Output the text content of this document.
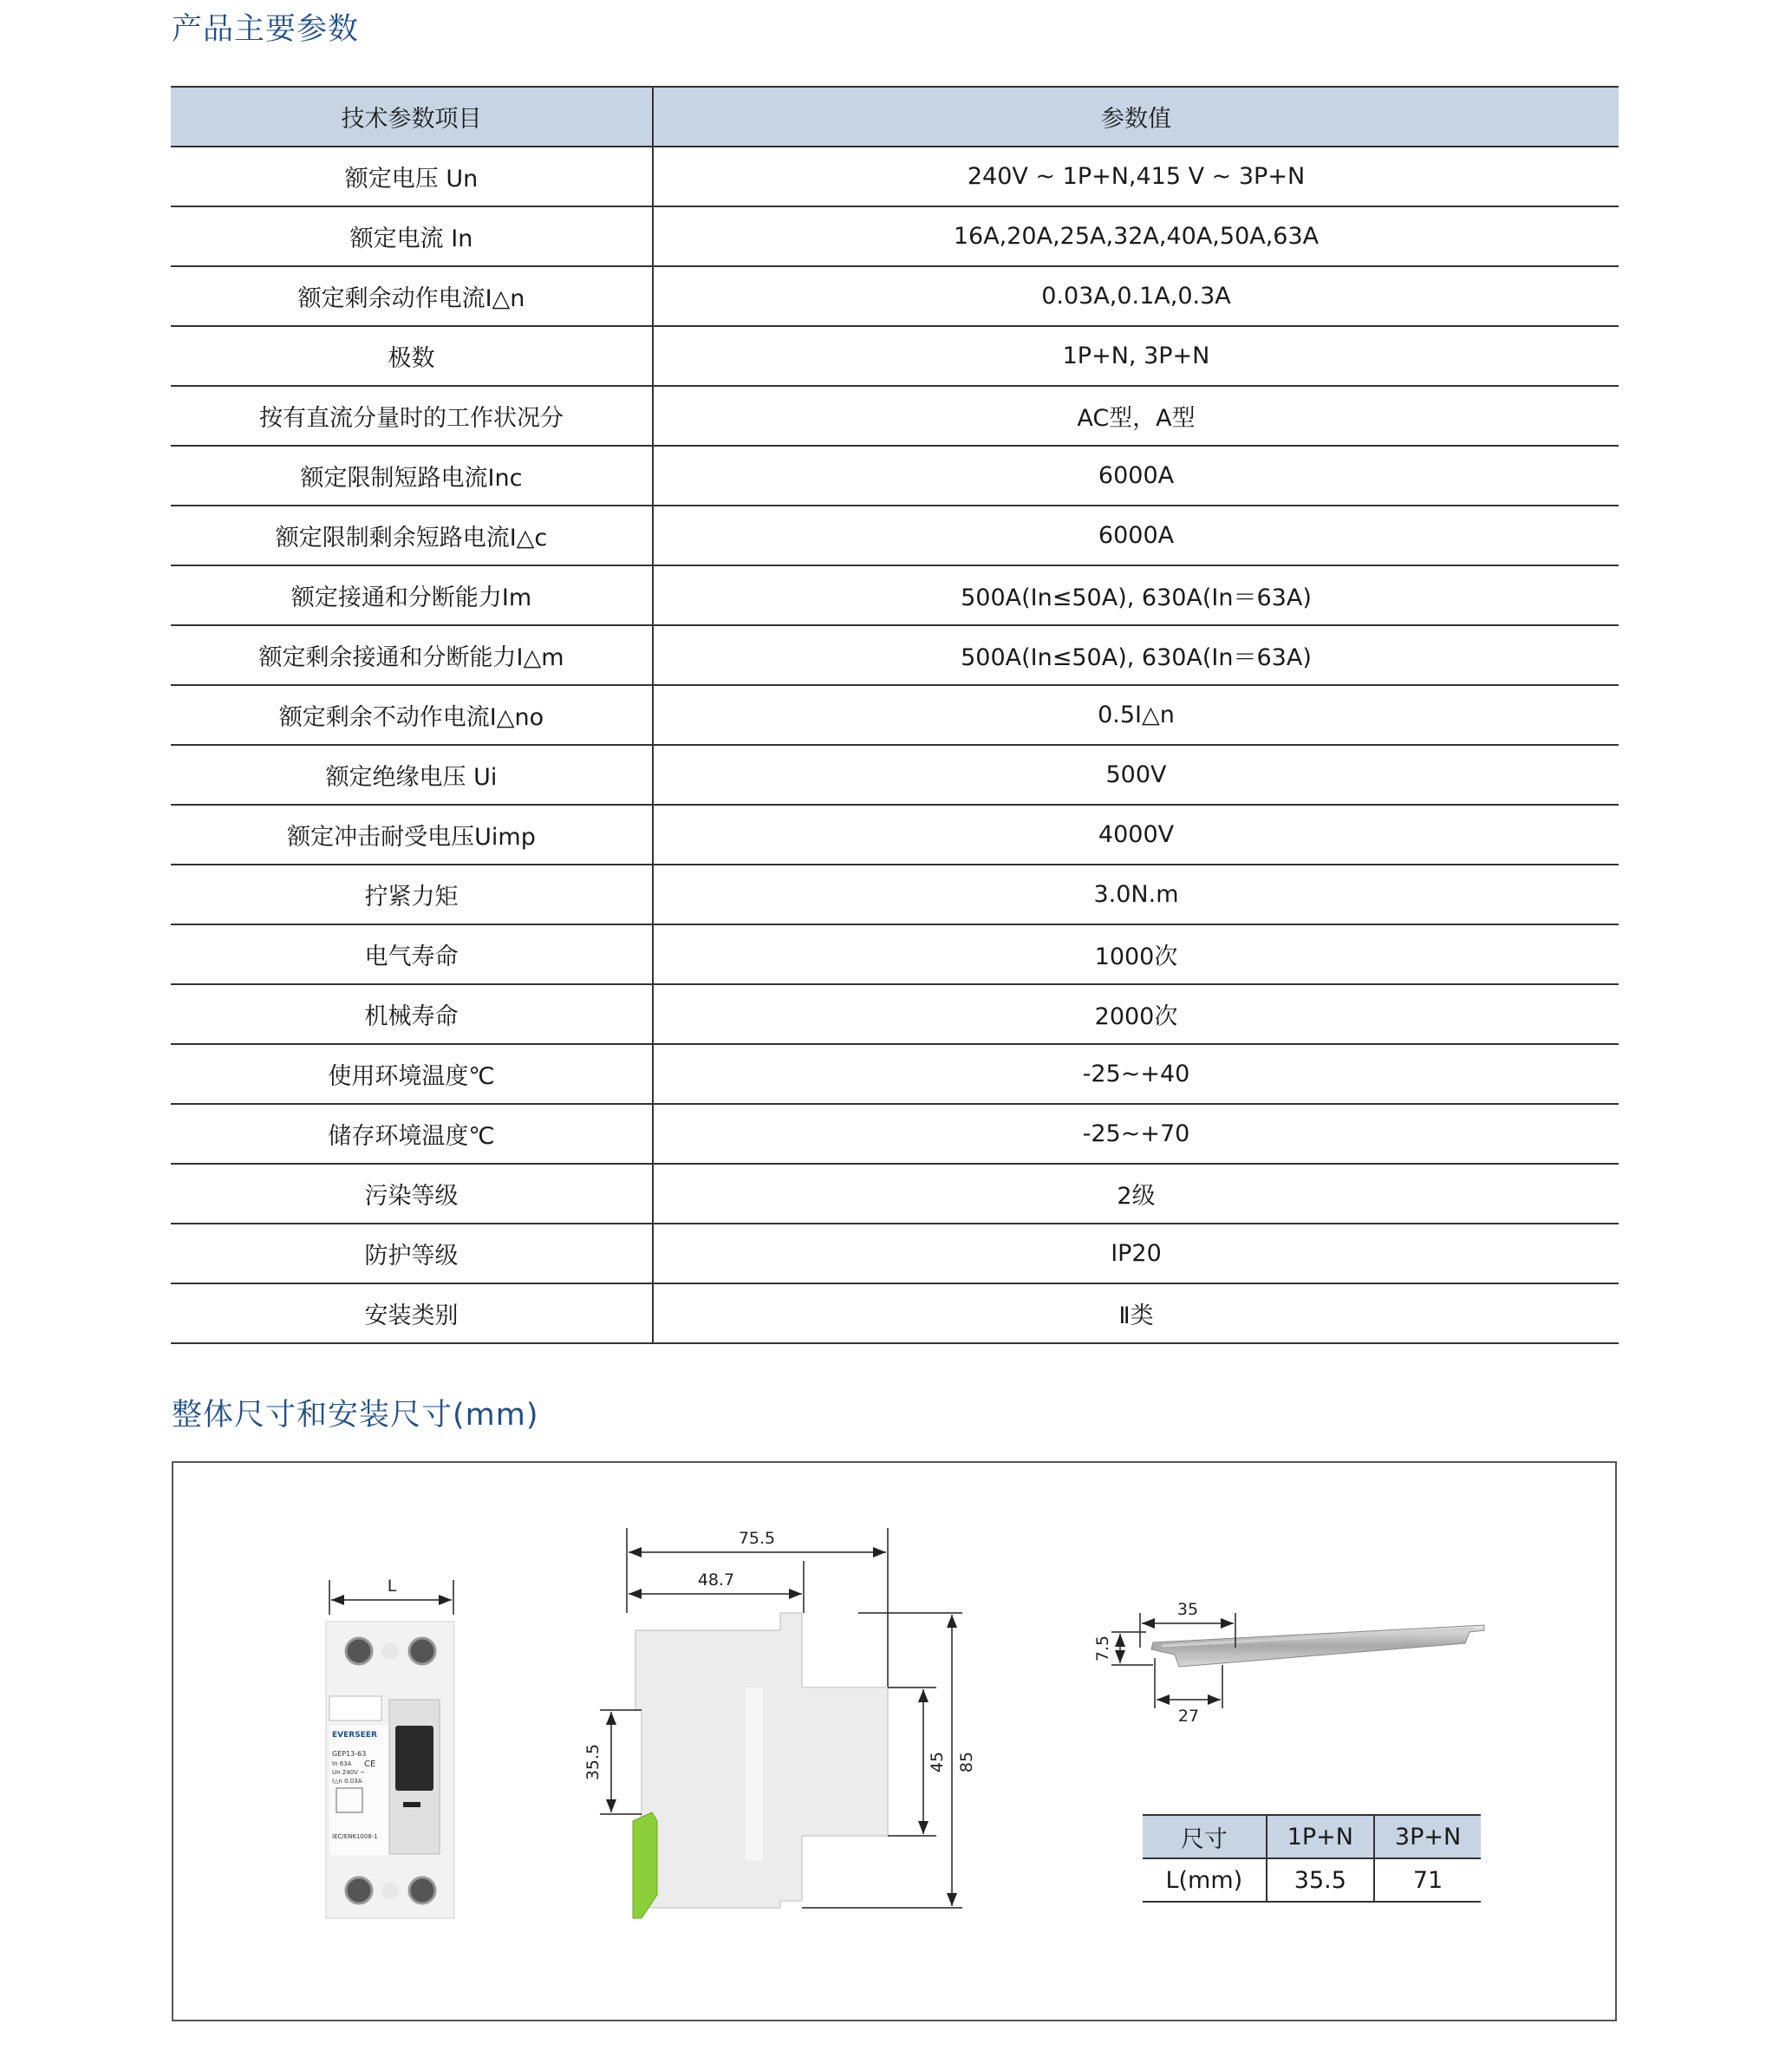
产品主要参数
技术参数项目	参数值
额定电压 Un	240V ~ 1P+N,415 V ~ 3P+N
额定电流 In	16A,20A,25A,32A,40A,50A,63A
额定剩余动作电流I△n	0.03A,0.1A,0.3A
极数	1P+N, 3P+N
按有直流分量时的工作状况分	AC型，A型
额定限制短路电流Inc	6000A
额定限制剩余短路电流I△c	6000A
额定接通和分断能力Im	500A(In≤50A), 630A(In＝63A)
额定剩余接通和分断能力I△m	500A(In≤50A), 630A(In＝63A)
额定剩余不动作电流I△no	0.5I△n
额定绝缘电压 Ui	500V
额定冲击耐受电压Uimp	4000V
拧紧力矩	3.0N.m
电气寿命	1000次
机械寿命	2000次
使用环境温度℃	-25~+40
储存环境温度℃	-25~+70
污染等级	2级
防护等级	IP20
安装类别	Ⅱ类
整体尺寸和安装尺寸(mm)
L
EVERSEER
GEP13-63
In 63A CE
Un 240V ~
I△n 0.03A
IEC/EN61008-1
75.5
48.7
35.5	45 85
35
7.5
27
尺寸	1P+N	3P+N
L(mm)	35.5	71
